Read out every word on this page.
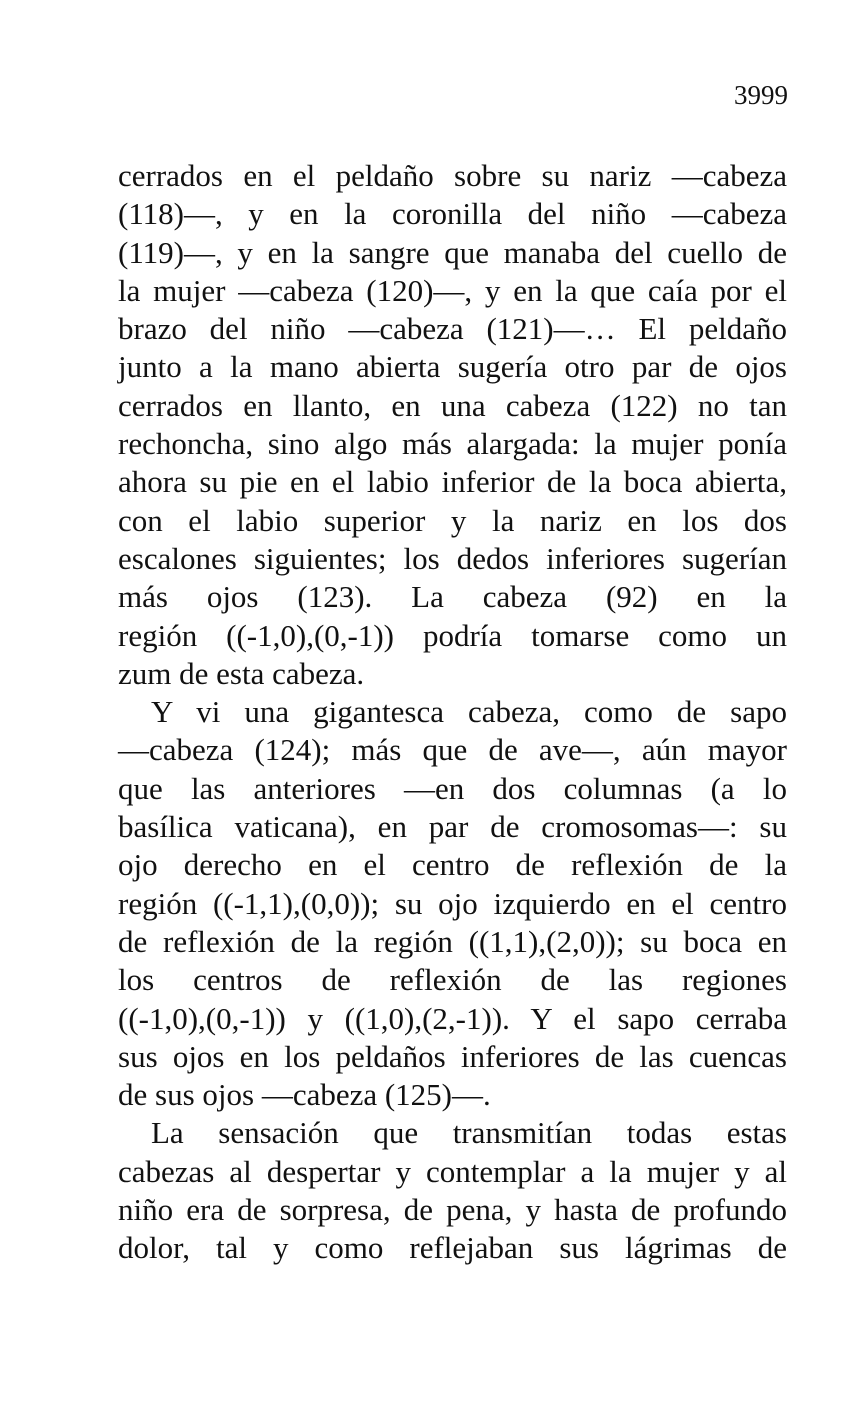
3999
cerrados en el peldaño sobre su nariz —cabeza
(118)—, y en la coronilla del niño —cabeza
(119)—, y en la sangre que manaba del cuello de
la mujer —cabeza (120)—, y en la que caía por el
brazo del niño —cabeza (121)—… El peldaño
junto a la mano abierta sugería otro par de ojos
cerrados en llanto, en una cabeza (122) no tan
rechoncha, sino algo más alargada: la mujer ponía
ahora su pie en el labio inferior de la boca abierta,
con el labio superior y la nariz en los dos
escalones siguientes; los dedos inferiores sugerían
más ojos (123). La cabeza (92) en la
región ((-1,0),(0,-1)) podría tomarse como un
zum de esta cabeza.
Y vi una gigantesca cabeza, como de sapo
—cabeza (124); más que de ave—, aún mayor
que las anteriores —en dos columnas (a lo
basílica vaticana), en par de cromosomas—: su
ojo derecho en el centro de reflexión de la
región ((-1,1),(0,0)); su ojo izquierdo en el centro
de reflexión de la región ((1,1),(2,0)); su boca en
los centros de reflexión de las regiones
((-1,0),(0,-1)) y ((1,0),(2,-1)). Y el sapo cerraba
sus ojos en los peldaños inferiores de las cuencas
de sus ojos —cabeza (125)—.
La sensación que transmitían todas estas
cabezas al despertar y contemplar a la mujer y al
niño era de sorpresa, de pena, y hasta de profundo
dolor, tal y como reflejaban sus lágrimas de
